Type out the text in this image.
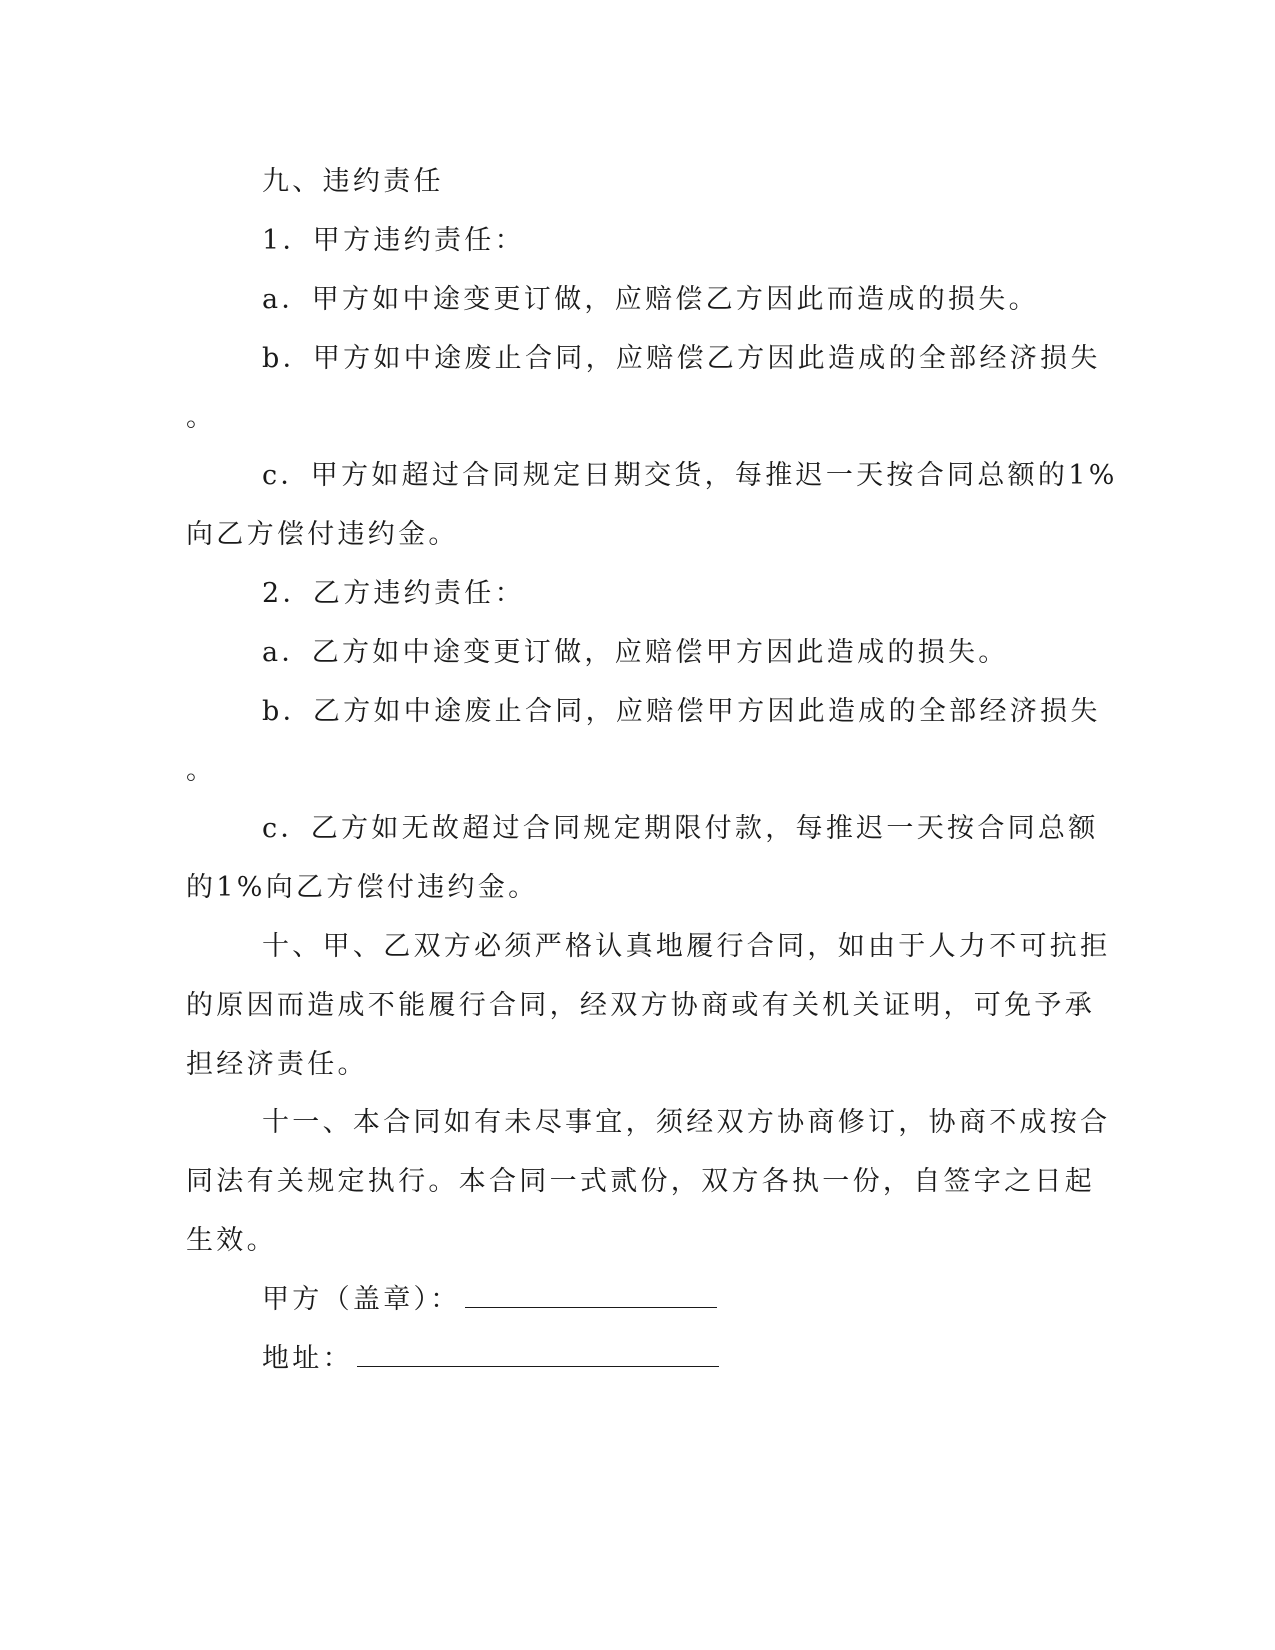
九、违约责任
1．甲方违约责任：
a．甲方如中途变更订做，应赔偿乙方因此而造成的损失。
b．甲方如中途废止合同，应赔偿乙方因此造成的全部经济损失
。
c．甲方如超过合同规定日期交货，每推迟一天按合同总额的1%
向乙方偿付违约金。
2．乙方违约责任：
a．乙方如中途变更订做，应赔偿甲方因此造成的损失。
b．乙方如中途废止合同，应赔偿甲方因此造成的全部经济损失
。
c．乙方如无故超过合同规定期限付款，每推迟一天按合同总额
的1%向乙方偿付违约金。
十、甲、乙双方必须严格认真地履行合同，如由于人力不可抗拒
的原因而造成不能履行合同，经双方协商或有关机关证明，可免予承
担经济责任。
十一、本合同如有未尽事宜，须经双方协商修订，协商不成按合
同法有关规定执行。本合同一式贰份，双方各执一份，自签字之日起
生效。
甲方（盖章）：
地址：
